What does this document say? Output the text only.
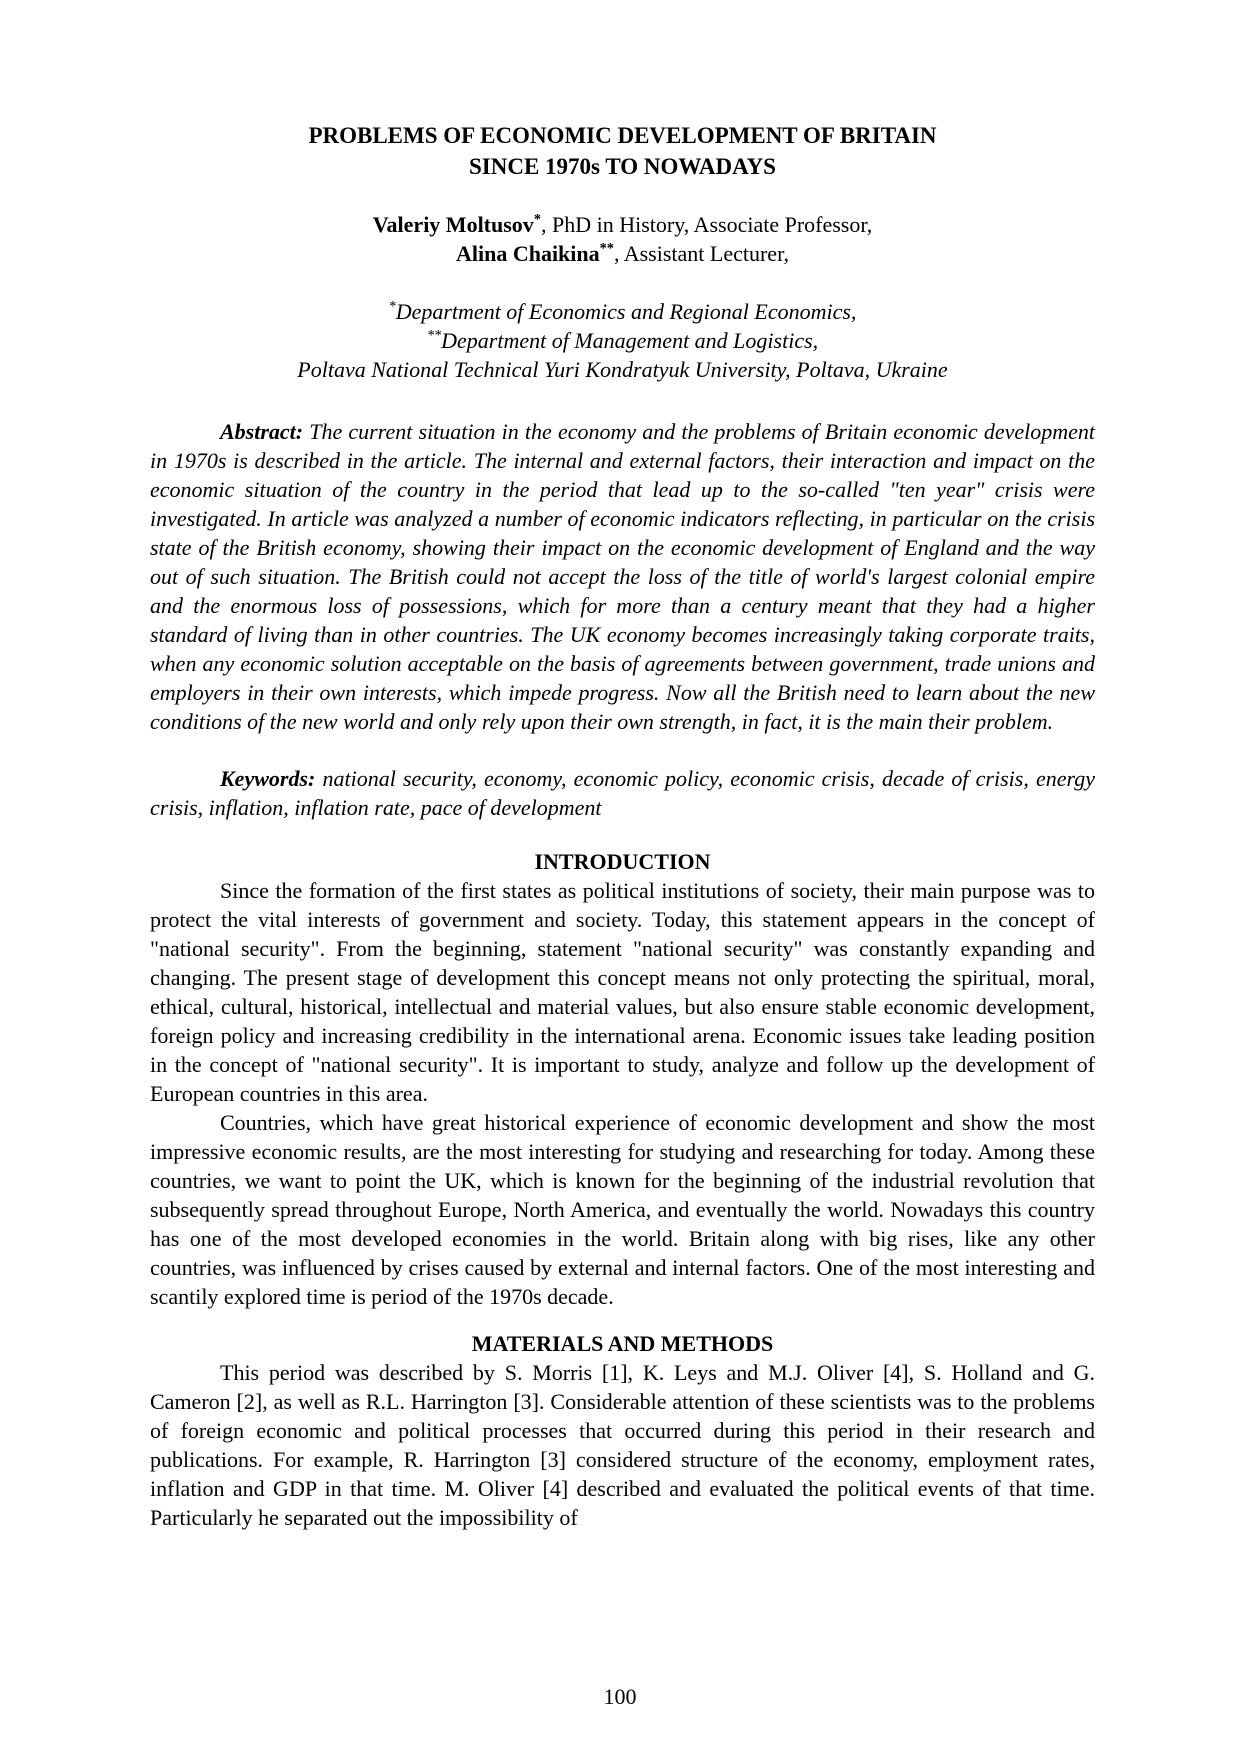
PROBLEMS OF ECONOMIC DEVELOPMENT OF BRITAIN
SINCE 1970s TO NOWADAYS

Valeriy Moltusov*, PhD in History, Associate Professor,

Alina Chaikina**, Assistant Lecturer,

*Department of Economics and Regional Economics,

**Department of Management and Logistics,

Poltava National Technical Yuri Kondratyuk University, Poltava, Ukraine

Abstract: The current situation in the economy and the problems of Britain economic development in 1970s is described in the article. The internal and external factors, their interaction and impact on the economic situation of the country in the period that lead up to the so-called "ten year" crisis were investigated. In article was analyzed a number of economic indicators reflecting, in particular on the crisis state of the British economy, showing their impact on the economic development of England and the way out of such situation. The British could not accept the loss of the title of world's largest colonial empire and the enormous loss of possessions, which for more than a century meant that they had a higher standard of living than in other countries. The UK economy becomes increasingly taking corporate traits, when any economic solution acceptable on the basis of agreements between government, trade unions and employers in their own interests, which impede progress. Now all the British need to learn about the new conditions of the new world and only rely upon their own strength, in fact, it is the main their problem.

Keywords: national security, economy, economic policy, economic crisis, decade of crisis, energy crisis, inflation, inflation rate, pace of development

INTRODUCTION

Since the formation of the first states as political institutions of society, their main purpose was to protect the vital interests of government and society. Today, this statement appears in the concept of "national security". From the beginning, statement "national security" was constantly expanding and changing. The present stage of development this concept means not only protecting the spiritual, moral, ethical, cultural, historical, intellectual and material values, but also ensure stable economic development, foreign policy and increasing credibility in the international arena. Economic issues take leading position in the concept of "national security". It is important to study, analyze and follow up the development of European countries in this area.

Countries, which have great historical experience of economic development and show the most impressive economic results, are the most interesting for studying and researching for today. Among these countries, we want to point the UK, which is known for the beginning of the industrial revolution that subsequently spread throughout Europe, North America, and eventually the world. Nowadays this country has one of the most developed economies in the world. Britain along with big rises, like any other countries, was influenced by crises caused by external and internal factors. One of the most interesting and scantily explored time is period of the 1970s decade.

MATERIALS AND METHODS

This period was described by S. Morris [1], K. Leys and M.J. Oliver [4], S. Holland and G. Cameron [2], as well as R.L. Harrington [3]. Considerable attention of these scientists was to the problems of foreign economic and political processes that occurred during this period in their research and publications. For example, R. Harrington [3] considered structure of the economy, employment rates, inflation and GDP in that time. M. Oliver [4] described and evaluated the political events of that time. Particularly he separated out the impossibility of

100
